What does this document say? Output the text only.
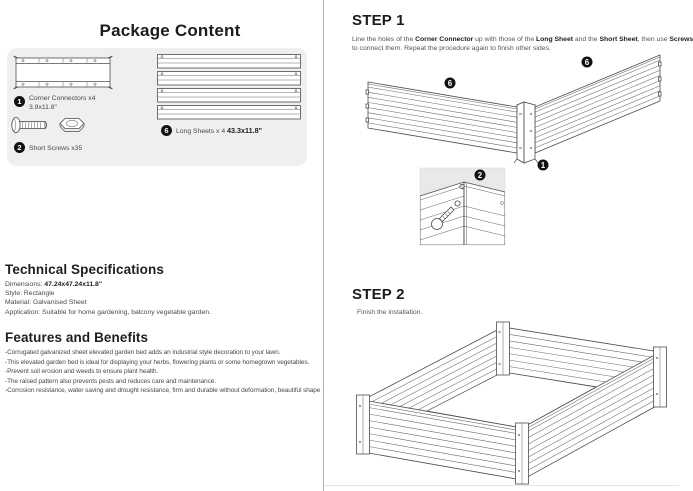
Package Content
1	Corner Connectors x4
3.9x11.8"
2	Short Screws x35
6	Long Sheets x 4 43.3x11.8"
Technical Specifications
Dimensions: 47.24x47.24x11.8"
Style: Rectangle
Material: Galvanised Sheet
Application: Suitable for home gardening, balcony vegetable garden.
Features and Benefits
-Corrugated galvanized sheet elevated garden bed adds an industrial style decoration to your lawn.
-This elevated garden bed is ideal for displaying your herbs, flowering plants or some homegrown vegetables.
-Prevent soil erosion and weeds to ensure plant health.
-The raised pattern also prevents pests and reduces care and maintenance.
-Corrosion resistance, water saving and drought resistance, firm and durable without deformation, beautiful shape
STEP 1
Line the holes of the Corner Connector up with those of the Long Sheet and the Short Sheet, then use Screws
to connect them. Repeat the procedure again to finish other sides.
6
6
1
2
STEP 2
Finish the installation.
